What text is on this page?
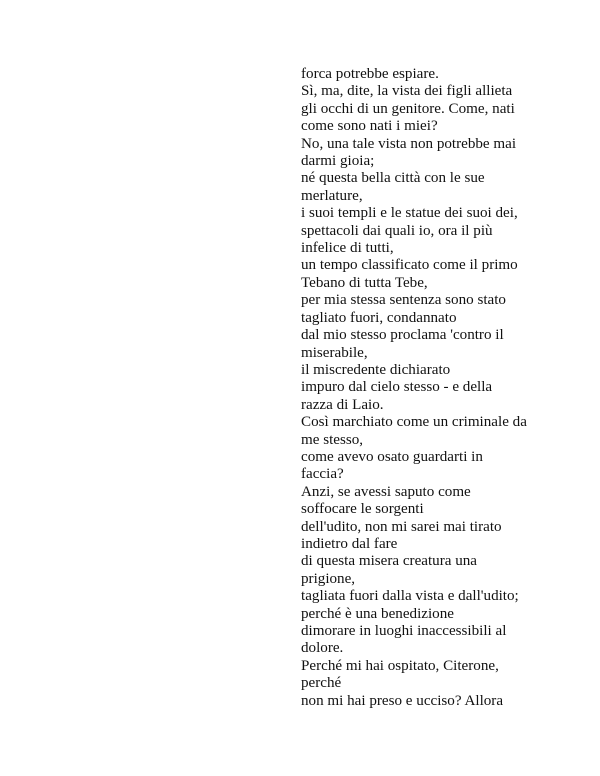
forca potrebbe espiare.
Sì, ma, dite, la vista dei figli allieta
gli occhi di un genitore. Come, nati
come sono nati i miei?
No, una tale vista non potrebbe mai
darmi gioia;
né questa bella città con le sue
merlature,
i suoi templi e le statue dei suoi dei,
spettacoli dai quali io, ora il più
infelice di tutti,
un tempo classificato come il primo
Tebano di tutta Tebe,
per mia stessa sentenza sono stato
tagliato fuori, condannato
dal mio stesso proclama 'contro il
miserabile,
il miscredente dichiarato
impuro dal cielo stesso - e della
razza di Laio.
Così marchiato come un criminale da
me stesso,
come avevo osato guardarti in
faccia?
Anzi, se avessi saputo come
soffocare le sorgenti
dell'udito, non mi sarei mai tirato
indietro dal fare
di questa misera creatura una
prigione,
tagliata fuori dalla vista e dall'udito;
perché è una benedizione
dimorare in luoghi inaccessibili al
dolore.
Perché mi hai ospitato, Citerone,
perché
non mi hai preso e ucciso? Allora
